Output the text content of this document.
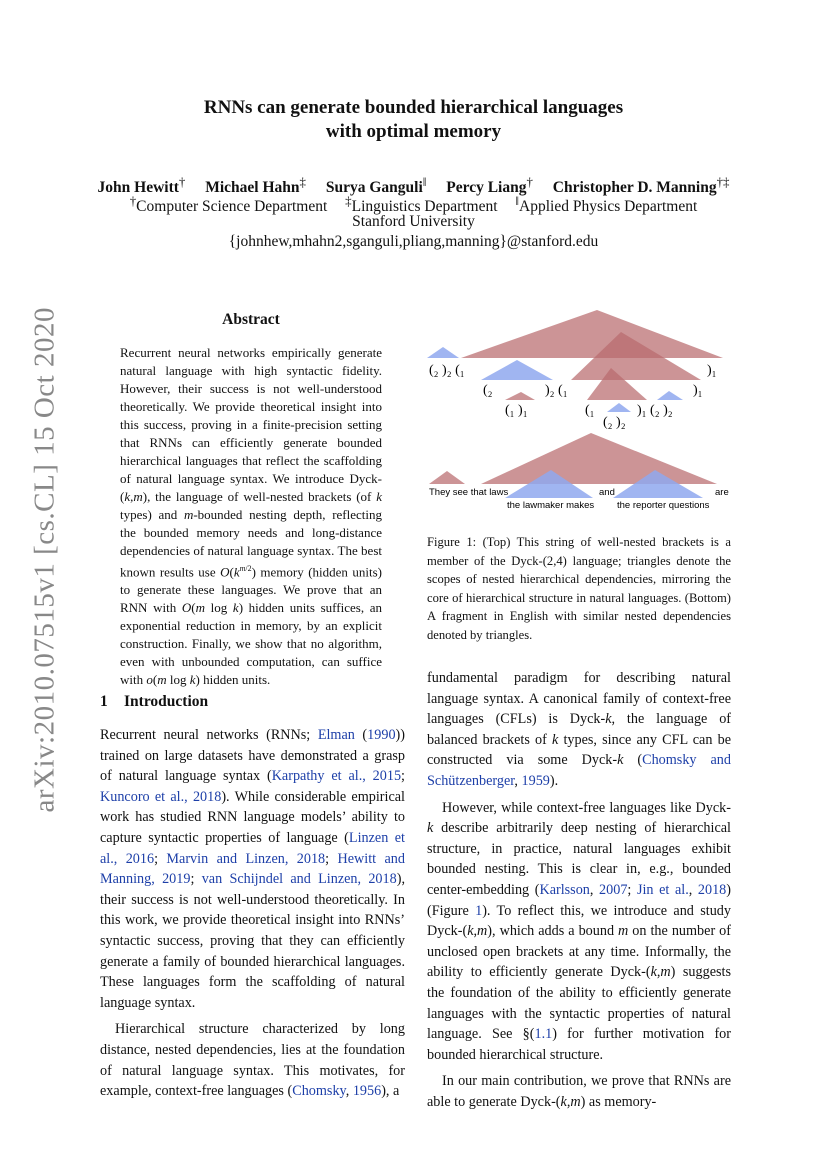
RNNs can generate bounded hierarchical languages
with optimal memory
John Hewitt† Michael Hahn‡ Surya Ganguli‖ Percy Liang† Christopher D. Manning†‡
†Computer Science Department ‡Linguistics Department ‖Applied Physics Department
Stanford University
{johnhew,mhahn2,sganguli,pliang,manning}@stanford.edu
arXiv:2010.07515v1 [cs.CL] 15 Oct 2020	Abstract
Recurrent neural networks empirically generate natural language with high syntactic fidelity. However, their success is not well-understood theoretically. We provide theoretical insight into this success, proving in a finite-precision setting that RNNs can efficiently generate bounded hierarchical languages that reflect the scaffolding of natural language syntax. We introduce Dyck-(k,m), the language of well-nested brackets (of k types) and m-bounded nesting depth, reflecting the bounded memory needs and long-distance dependencies of natural language syntax. The best known results use $O(k^{m/2})$ memory (hidden units) to generate these languages. We prove that an RNN with O(m log k) hidden units suffices, an exponential reduction in memory, by an explicit construction. Finally, we show that no algorithm, even with unbounded computation, can suffice with o(m log k) hidden units.
(₂ )₂ (₁	)₁
(₂	)₂ (₁	)₁
(₁ )₁	(₁	)₁ (₂ )₂
(₂ )₂
They see that laws	and	are
the lawmaker makes the reporter questions
Figure 1: (Top) This string of well-nested brackets is a member of the Dyck-(2,4) language; triangles denote the scopes of nested hierarchical dependencies, mirroring the core of hierarchical structure in natural languages. (Bottom) A fragment in English with similar nested dependencies denoted by triangles.
1 Introduction

Recurrent neural networks (RNNs; Elman (1990)) trained on large datasets have demonstrated a grasp of natural language syntax (Karpathy et al., 2015; Kuncoro et al., 2018). While considerable empirical work has studied RNN language models’ ability to capture syntactic properties of language (Linzen et al., 2016; Marvin and Linzen, 2018; Hewitt and Manning, 2019; van Schijndel and Linzen, 2018), their success is not well-understood theoretically. In this work, we provide theoretical insight into RNNs’ syntactic success, proving that they can efficiently generate a family of bounded hierarchical languages. These languages form the scaffolding of natural language syntax.

Hierarchical structure characterized by long distance, nested dependencies, lies at the foundation of natural language syntax. This motivates, for example, context-free languages (Chomsky, 1956), a

fundamental paradigm for describing natural language syntax. A canonical family of context-free languages (CFLs) is Dyck-k, the language of balanced brackets of k types, since any CFL can be constructed via some Dyck-k (Chomsky and Schützenberger, 1959).

However, while context-free languages like Dyck-k describe arbitrarily deep nesting of hierarchical structure, in practice, natural languages exhibit bounded nesting. This is clear in, e.g., bounded center-embedding (Karlsson, 2007; Jin et al., 2018) (Figure 1). To reflect this, we introduce and study Dyck-(k,m), which adds a bound m on the number of unclosed open brackets at any time. Informally, the ability to efficiently generate Dyck-(k,m) suggests the foundation of the ability to efficiently generate languages with the syntactic properties of natural language. See §(1.1) for further motivation for bounded hierarchical structure.

In our main contribution, we prove that RNNs are able to generate Dyck-(k,m) as memory-
